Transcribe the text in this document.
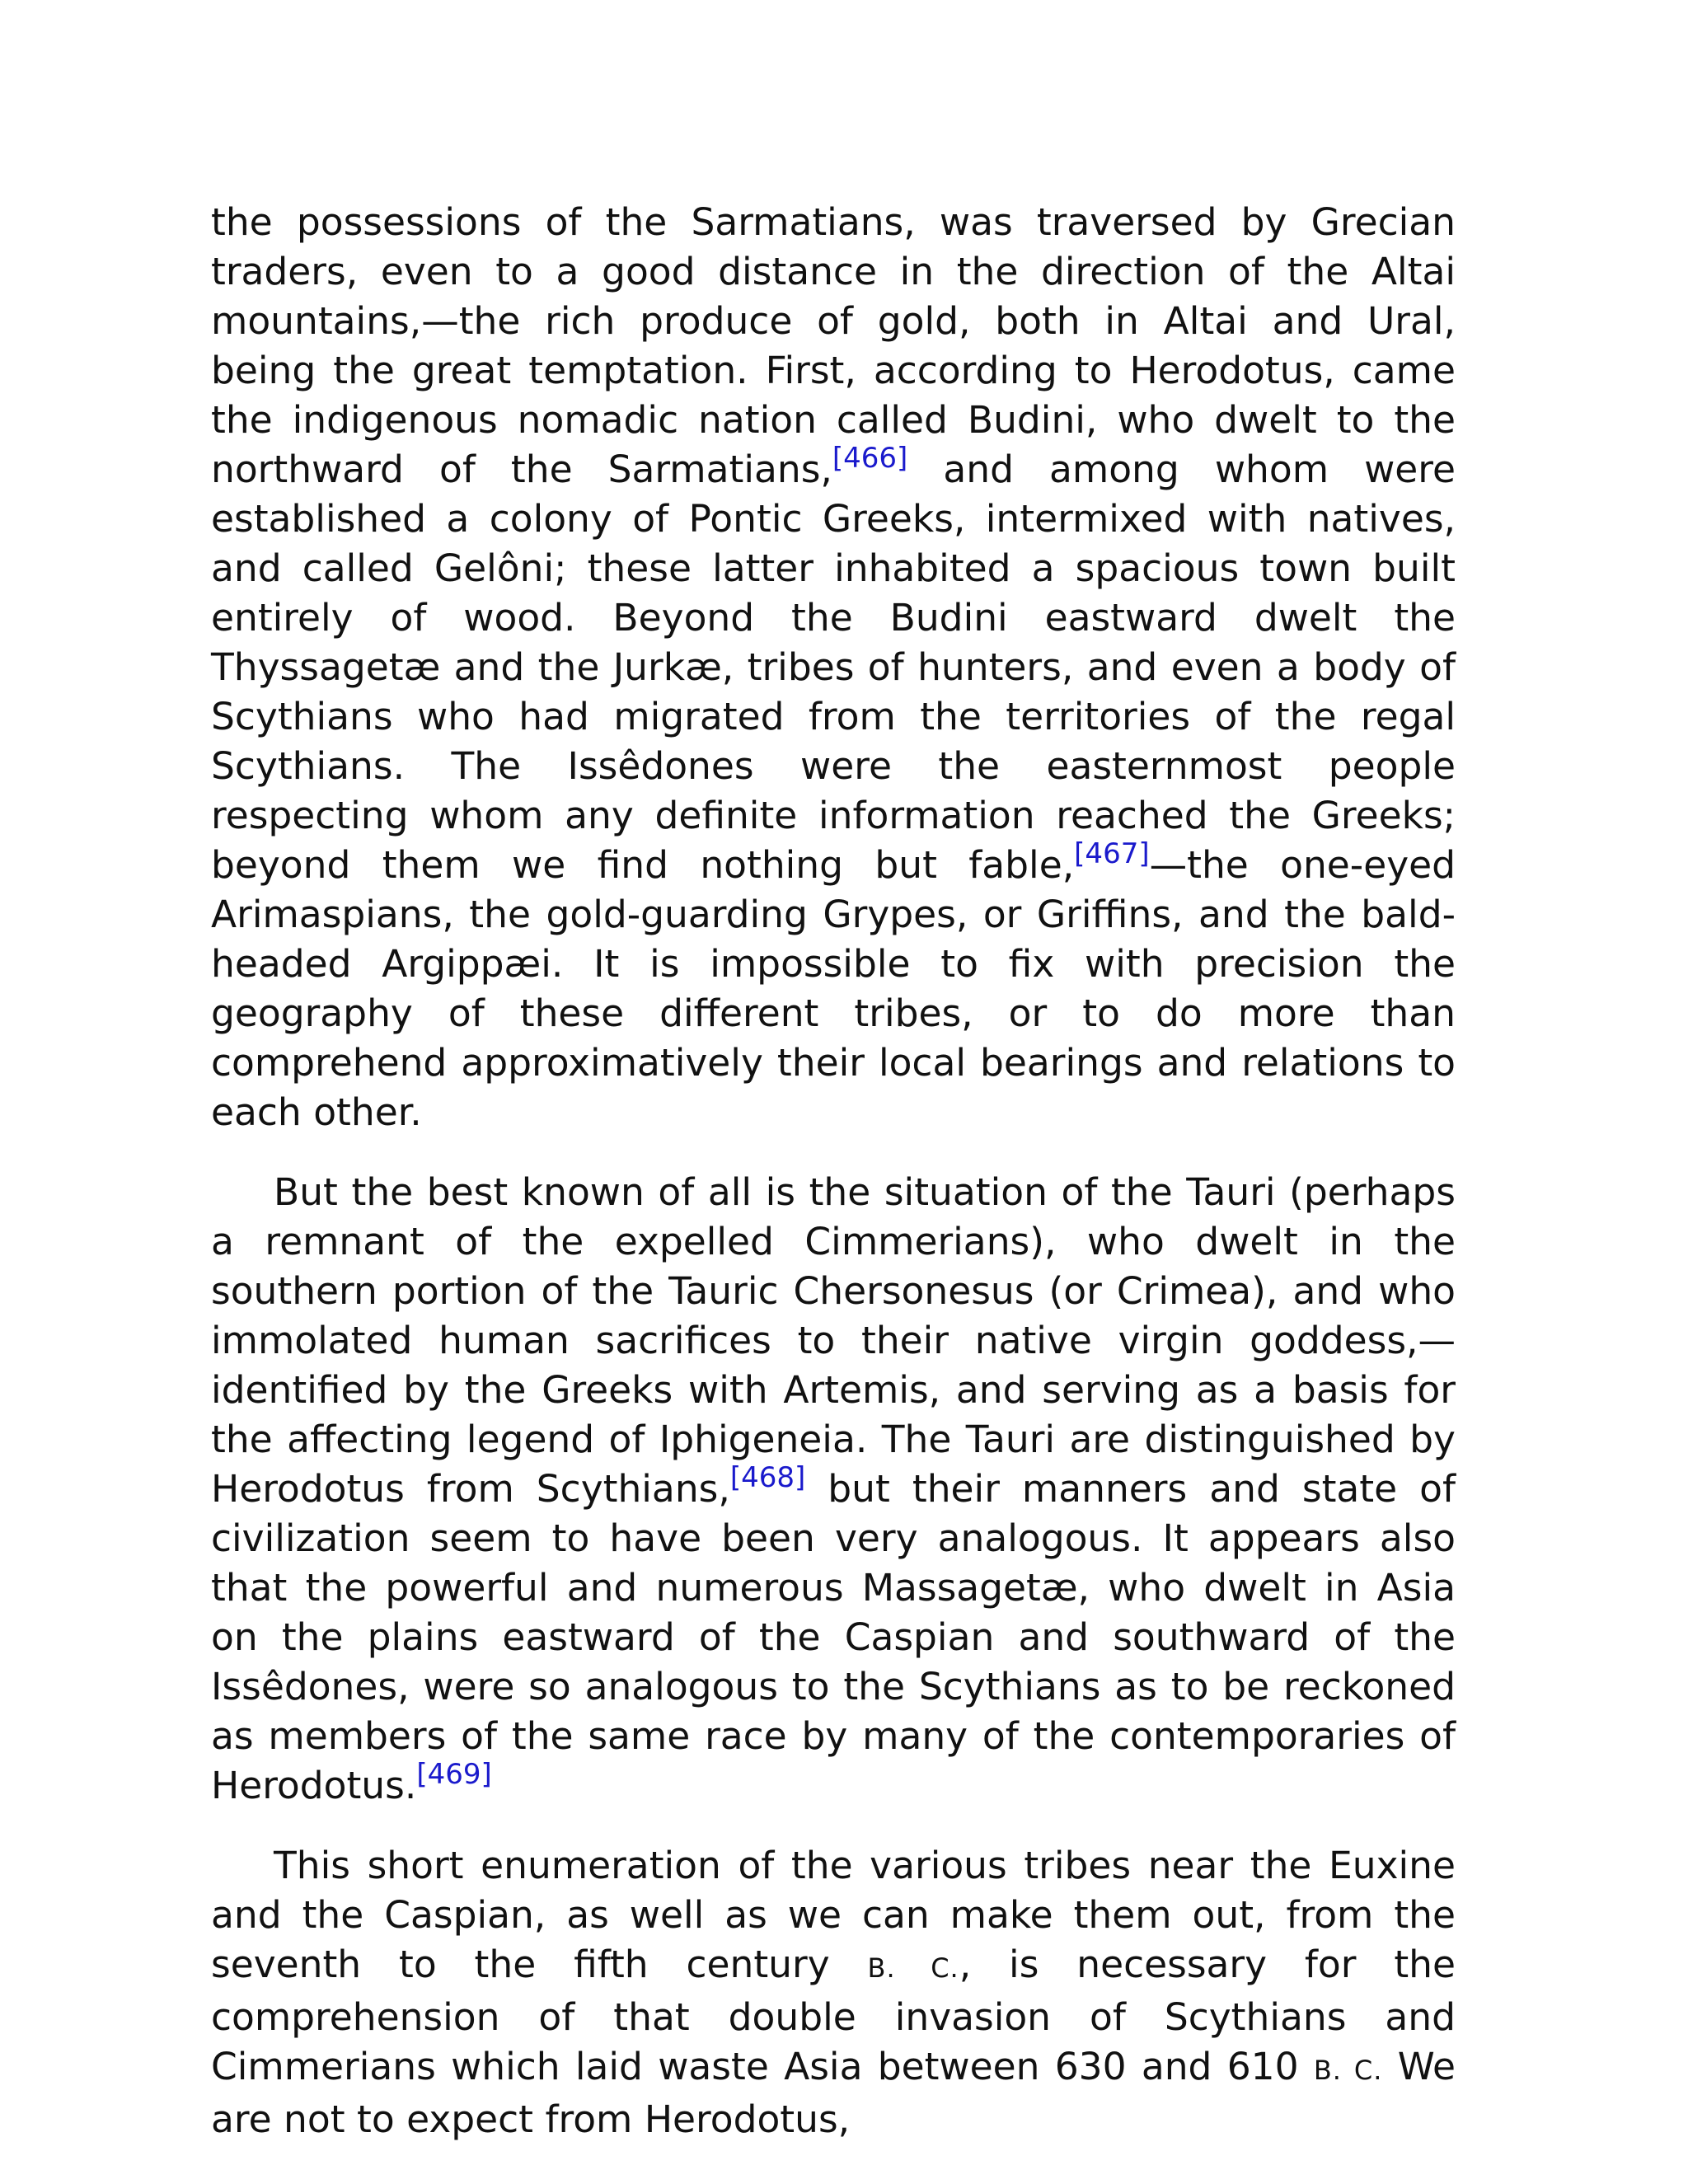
the possessions of the Sarmatians, was traversed by Grecian traders, even to a good distance in the direction of the Altai mountains,—the rich produce of gold, both in Altai and Ural, being the great temptation. First, according to Herodotus, came the indigenous nomadic nation called Budini, who dwelt to the northward of the Sarmatians,[466] and among whom were established a colony of Pontic Greeks, intermixed with natives, and called Gelôni; these latter inhabited a spacious town built entirely of wood. Beyond the Budini eastward dwelt the Thyssagetæ and the Jurkæ, tribes of hunters, and even a body of Scythians who had migrated from the territories of the regal Scythians. The Issêdones were the easternmost people respecting whom any definite information reached the Greeks; beyond them we find nothing but fable,[467]—the one-eyed Arimaspians, the gold-guarding Grypes, or Griffins, and the bald-headed Argippæi. It is impossible to fix with precision the geography of these different tribes, or to do more than comprehend approximatively their local bearings and relations to each other.

But the best known of all is the situation of the Tauri (perhaps a remnant of the expelled Cimmerians), who dwelt in the southern portion of the Tauric Chersonesus (or Crimea), and who immolated human sacrifices to their native virgin goddess,—identified by the Greeks with Artemis, and serving as a basis for the affecting legend of Iphigeneia. The Tauri are distinguished by Herodotus from Scythians,[468] but their manners and state of civilization seem to have been very analogous. It appears also that the powerful and numerous Massagetæ, who dwelt in Asia on the plains eastward of the Caspian and southward of the Issêdones, were so analogous to the Scythians as to be reckoned as members of the same race by many of the contemporaries of Herodotus.[469]

This short enumeration of the various tribes near the Euxine and the Caspian, as well as we can make them out, from the seventh to the fifth century B. C., is necessary for the comprehension of that double invasion of Scythians and Cimmerians which laid waste Asia between 630 and 610 B. C. We are not to expect from Herodotus,
